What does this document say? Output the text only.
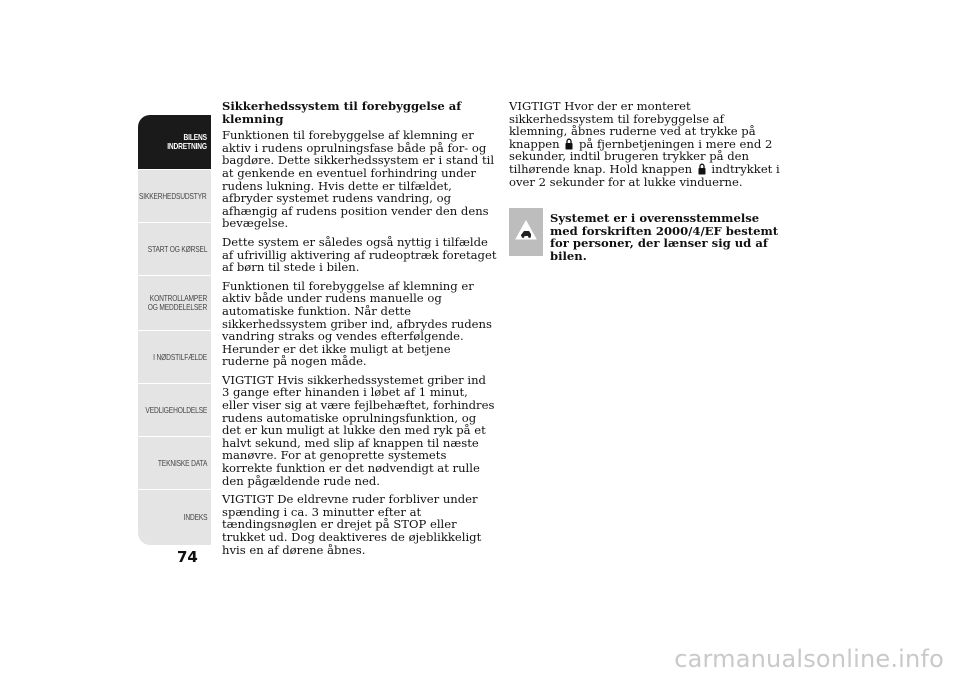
BILENS
INDRETNING
SIKKERHEDSUDSTYR
START OG KØRSEL
KONTROLLAMPER
OG MEDDELELSER
I NØDSTILFÆLDE
VEDLIGEHOLDELSE
TEKNISKE DATA
INDEKS
74

Sikkerhedssystem til forebyggelse af klemning

Funktionen til forebyggelse af klemning er aktiv i rudens oprulningsfase både på for- og bagdøre. Dette sikkerhedssystem er i stand til at genkende en eventuel forhindring under rudens lukning. Hvis dette er tilfældet, afbryder systemet rudens vandring, og afhængig af rudens position vender den dens bevægelse.

Dette system er således også nyttig i tilfælde af ufrivillig aktivering af rudeoptræk foretaget af børn til stede i bilen.

Funktionen til forebyggelse af klemning er aktiv både under rudens manuelle og automatiske funktion. Når dette sikkerhedssystem griber ind, afbrydes rudens vandring straks og vendes efterfølgende. Herunder er det ikke muligt at betjene ruderne på nogen måde.

VIGTIGT Hvis sikkerhedssystemet griber ind 3 gange efter hinanden i løbet af 1 minut, eller viser sig at være fejlbehæftet, forhindres rudens automatiske oprulningsfunktion, og det er kun muligt at lukke den med ryk på et halvt sekund, med slip af knappen til næste manøvre. For at genoprette systemets korrekte funktion er det nødvendigt at rulle den pågældende rude ned.

VIGTIGT De eldrevne ruder forbliver under spænding i ca. 3 minutter efter at tændingsnøglen er drejet på STOP eller trukket ud. Dog deaktiveres de øjeblikkeligt hvis en af dørene åbnes.

VIGTIGT Hvor der er monteret sikkerhedssystem til forebyggelse af klemning, åbnes ruderne ved at trykke på knappen på fjernbetjeningen i mere end 2 sekunder, indtil brugeren trykker på den tilhørende knap. Hold knappen indtrykket i over 2 sekunder for at lukke vinduerne.

Systemet er i overensstemmelse med forskriften 2000/4/EF bestemt for personer, der lænser sig ud af bilen.
carmanualsonline.info
